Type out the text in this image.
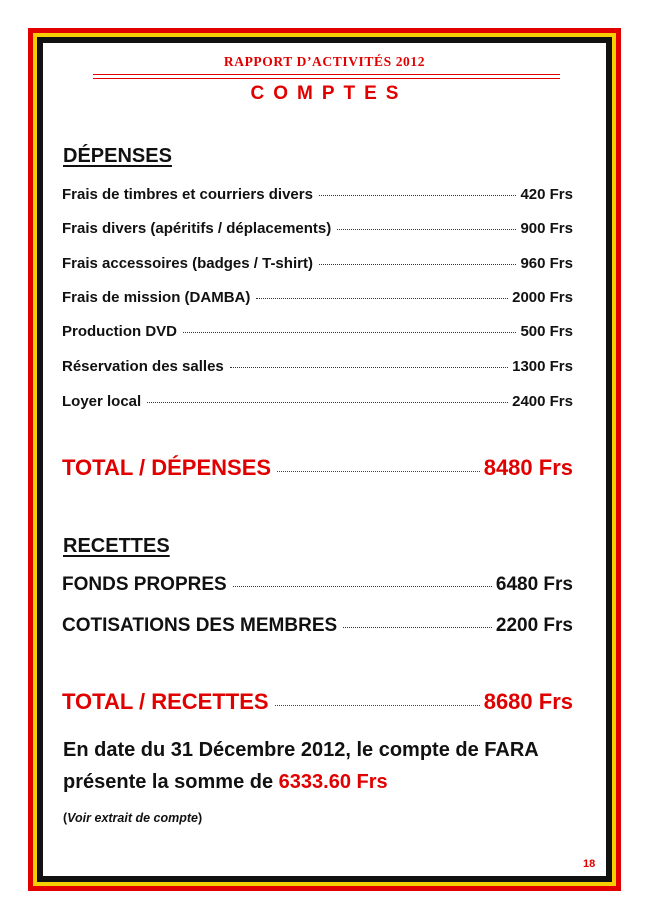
RAPPORT D’ACTIVITÉS 2012
COMPTES
DÉPENSES
Frais de timbres et courriers divers	420 Frs
Frais divers (apéritifs / déplacements)	900 Frs
Frais accessoires (badges / T-shirt)	960 Frs
Frais de mission (DAMBA)	2000 Frs
Production DVD	500 Frs
Réservation des salles	1300 Frs
Loyer local	2400 Frs
TOTAL / DÉPENSES	8480 Frs
RECETTES
FONDS PROPRES	6480 Frs
COTISATIONS DES MEMBRES	2200 Frs
TOTAL / RECETTES	8680 Frs
En date du 31 Décembre 2012, le compte de FARA
présente la somme de 6333.60 Frs
(Voir extrait de compte)
18
